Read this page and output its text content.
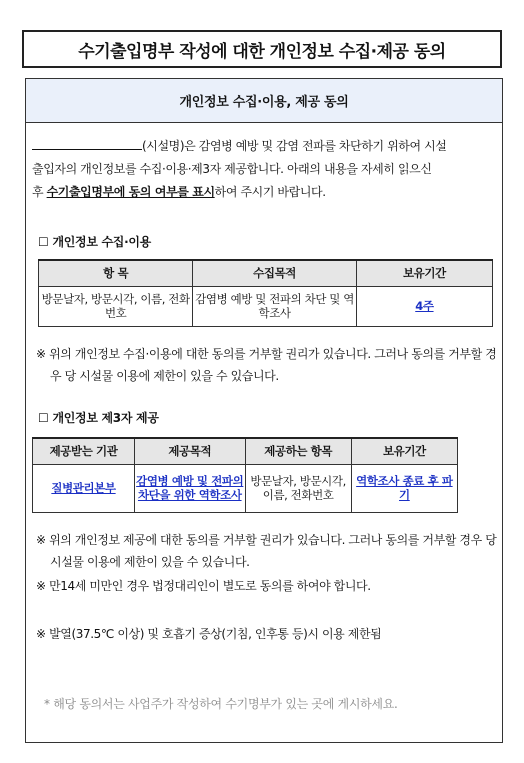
수기출입명부 작성에 대한 개인정보 수집·제공 동의
개인정보 수집·이용, 제공 동의
(시설명)은 감염병 예방 및 감염 전파를 차단하기 위하여 시설
출입자의 개인정보를 수집·이용·제3자 제공합니다. 아래의 내용을 자세히 읽으신
후 수기출입명부에 동의 여부를 표시하여 주시기 바랍니다.
☐ 개인정보 수집·이용
항 목	수집목적	보유기간
방문날자, 방문시각, 이름, 전화번호	감염병 예방 및 전파의 차단 및 역학조사	4주
※ 위의 개인정보 수집·이용에 대한 동의를 거부할 권리가 있습니다. 그러나 동의를 거부할 경우 당 시설물 이용에 제한이 있을 수 있습니다.
☐ 개인정보 제3자 제공
제공받는 기관	제공목적	제공하는 항목	보유기간
질병관리본부	감염병 예방 및 전파의 차단을 위한 역학조사	방문날자, 방문시각, 이름, 전화번호	역학조사 종료 후 파기
※ 위의 개인정보 제공에 대한 동의를 거부할 권리가 있습니다. 그러나 동의를 거부할 경우 당 시설물 이용에 제한이 있을 수 있습니다.
※ 만14세 미만인 경우 법정대리인이 별도로 동의를 하여야 합니다.
※ 발열(37.5℃ 이상) 및 호흡기 증상(기침, 인후통 등)시 이용 제한됨
* 해당 동의서는 사업주가 작성하여 수기명부가 있는 곳에 게시하세요.
